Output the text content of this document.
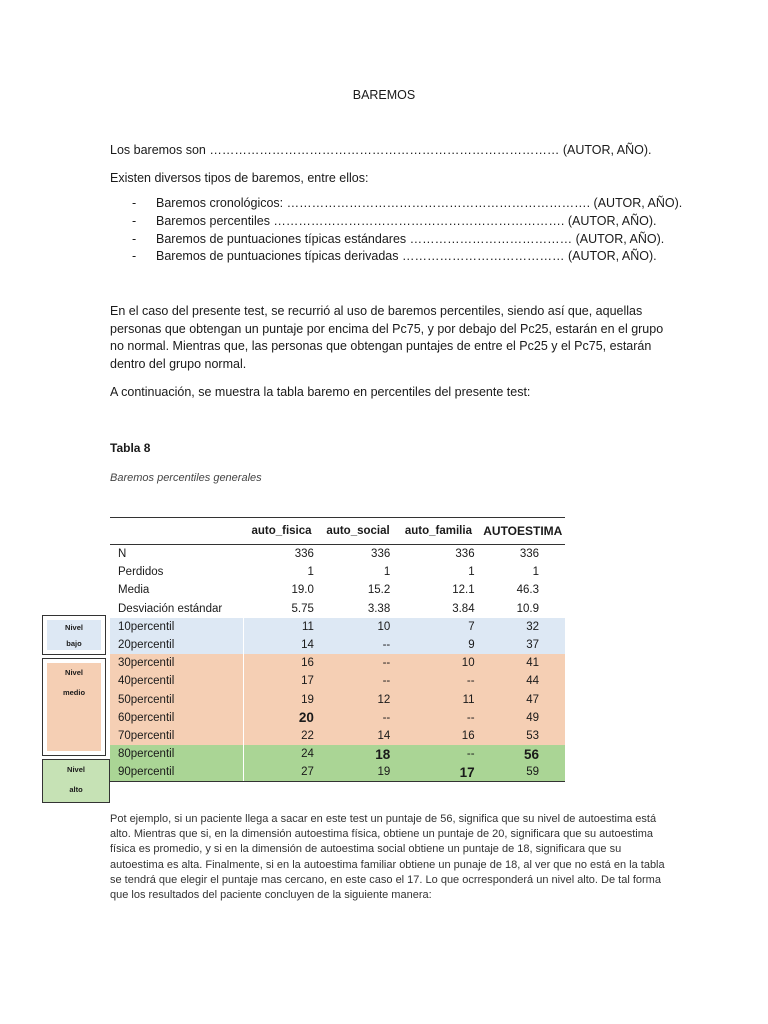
BAREMOS
Los baremos son ………………………………………………………………………… (AUTOR, AÑO).
Existen diversos tipos de baremos, entre ellos:
- Baremos cronológicos: ………………………………………………………………. (AUTOR, AÑO).
- Baremos percentiles ……………………………………………………………. (AUTOR, AÑO).
- Baremos de puntuaciones típicas estándares ………………………………… (AUTOR, AÑO).
- Baremos de puntuaciones típicas derivadas ………………………………… (AUTOR, AÑO).
En el caso del presente test, se recurrió al uso de baremos percentiles, siendo así que, aquellas personas que obtengan un puntaje por encima del Pc75, y por debajo del Pc25, estarán en el grupo no normal. Mientras que, las personas que obtengan puntajes de entre el Pc25 y el Pc75, estarán dentro del grupo normal.
A continuación, se muestra la tabla baremo en percentiles del presente test:
Tabla 8
Baremos percentiles generales
Nivel
bajo
Nivel
medio
Nivel
alto
	auto_fisica	auto_social	auto_familia	AUTOESTIMA
N	336	336	336	336
Perdidos	1	1	1	1
Media	19.0	15.2	12.1	46.3
Desviación estándar	5.75	3.38	3.84	10.9
10percentil	11	10	7	32
20percentil	14	--	9	37
30percentil	16	--	10	41
40percentil	17	--	--	44
50percentil	19	12	11	47
60percentil	20	--	--	49
70percentil	22	14	16	53
80percentil	24	18	--	56
90percentil	27	19	17	59
Pot ejemplo, si un paciente llega a sacar en este test un puntaje de 56, significa que su nivel de autoestima está alto. Mientras que si, en la dimensión autoestima física, obtiene un puntaje de 20, significara que su autoestima física es promedio, y si en la dimensión de autoestima social obtiene un puntaje de 18, significara que su autoestima es alta. Finalmente, si en la autoestima familiar obtiene un punaje de 18, al ver que no está en la tabla se tendrá que elegir el puntaje mas cercano, en este caso el 17. Lo que ocrresponderá un nivel alto. De tal forma que los resultados del paciente concluyen de la siguiente manera:
